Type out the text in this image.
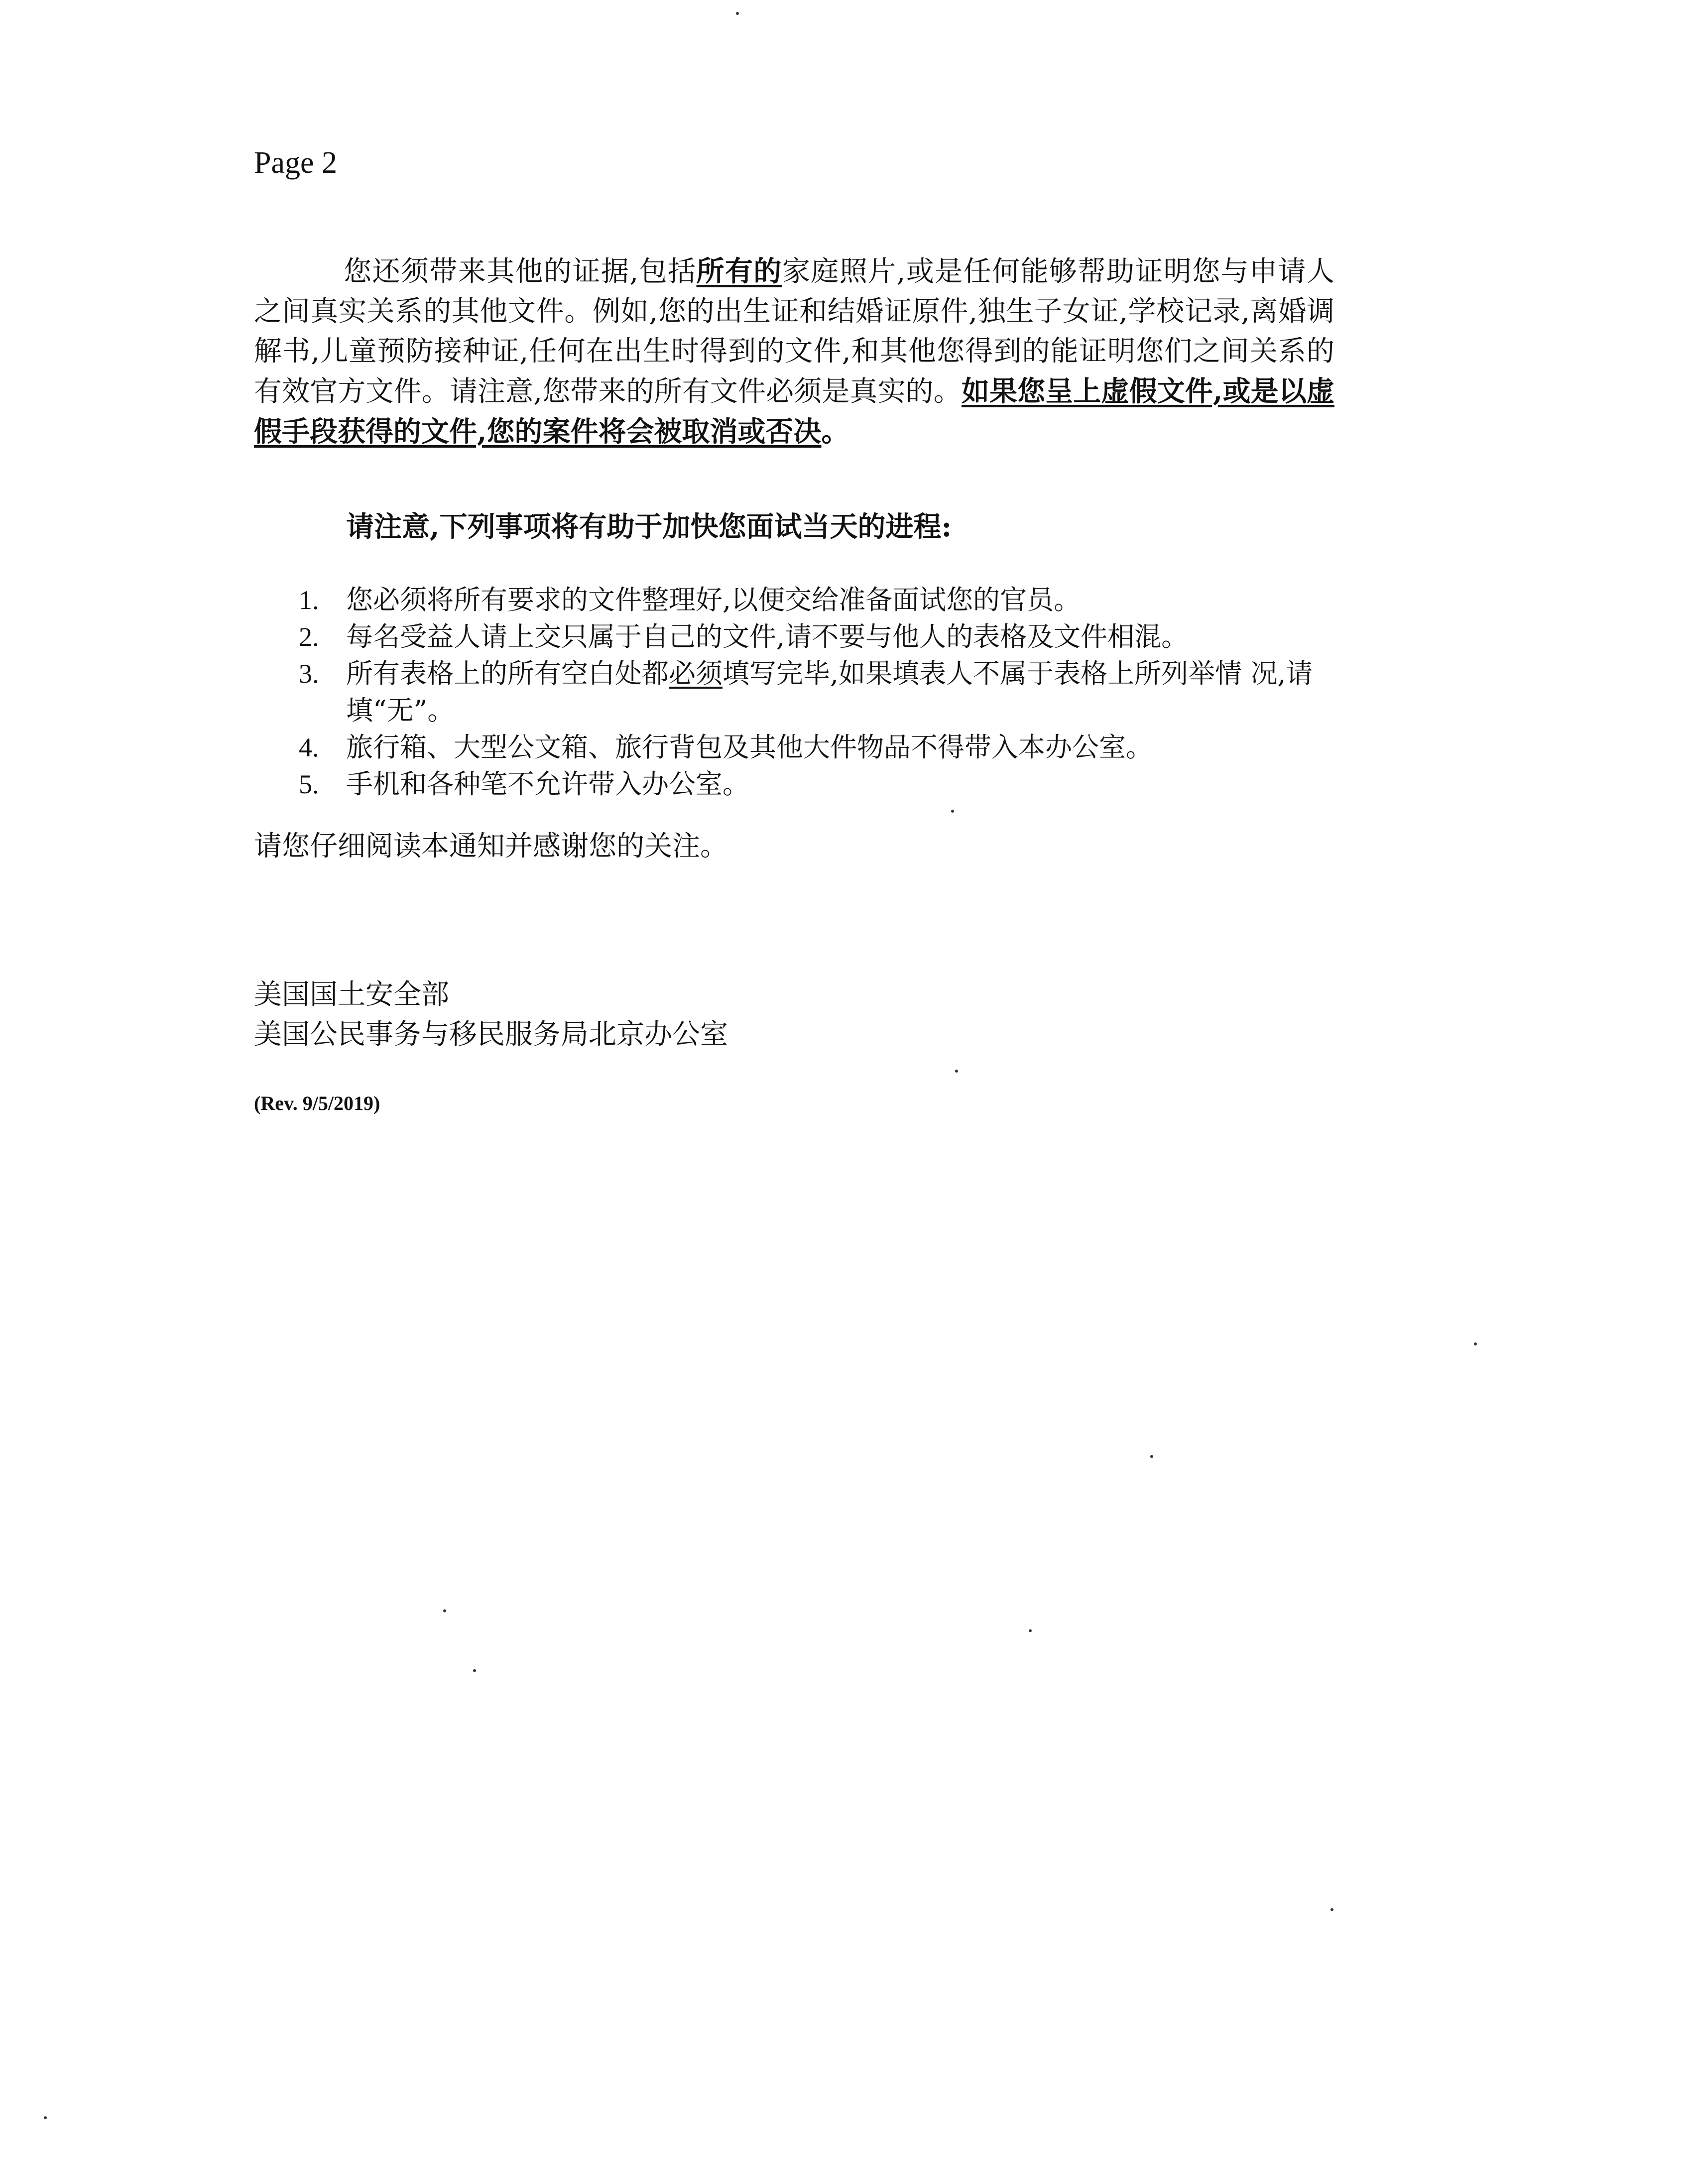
Page 2

您还须带来其他的证据,包括所有的家庭照片,或是任何能够帮助证明您与申请人之间真实关系的其他文件。例如,您的出生证和结婚证原件,独生子女证,学校记录,离婚调解书,儿童预防接种证,任何在出生时得到的文件,和其他您得到的能证明您们之间关系的有效官方文件。请注意,您带来的所有文件必须是真实的。如果您呈上虚假文件,或是以虚假手段获得的文件,您的案件将会被取消或否决。

请注意,下列事项将有助于加快您面试当天的进程:
1. 您必须将所有要求的文件整理好,以便交给准备面试您的官员。
2. 每名受益人请上交只属于自己的文件,请不要与他人的表格及文件相混。
3. 所有表格上的所有空白处都必须填写完毕,如果填表人不属于表格上所列举情 况,请填“无”。
4. 旅行箱、大型公文箱、旅行背包及其他大件物品不得带入本办公室。
5. 手机和各种笔不允许带入办公室。
请您仔细阅读本通知并感谢您的关注。
美国国土安全部
美国公民事务与移民服务局北京办公室
(Rev. 9/5/2019)
